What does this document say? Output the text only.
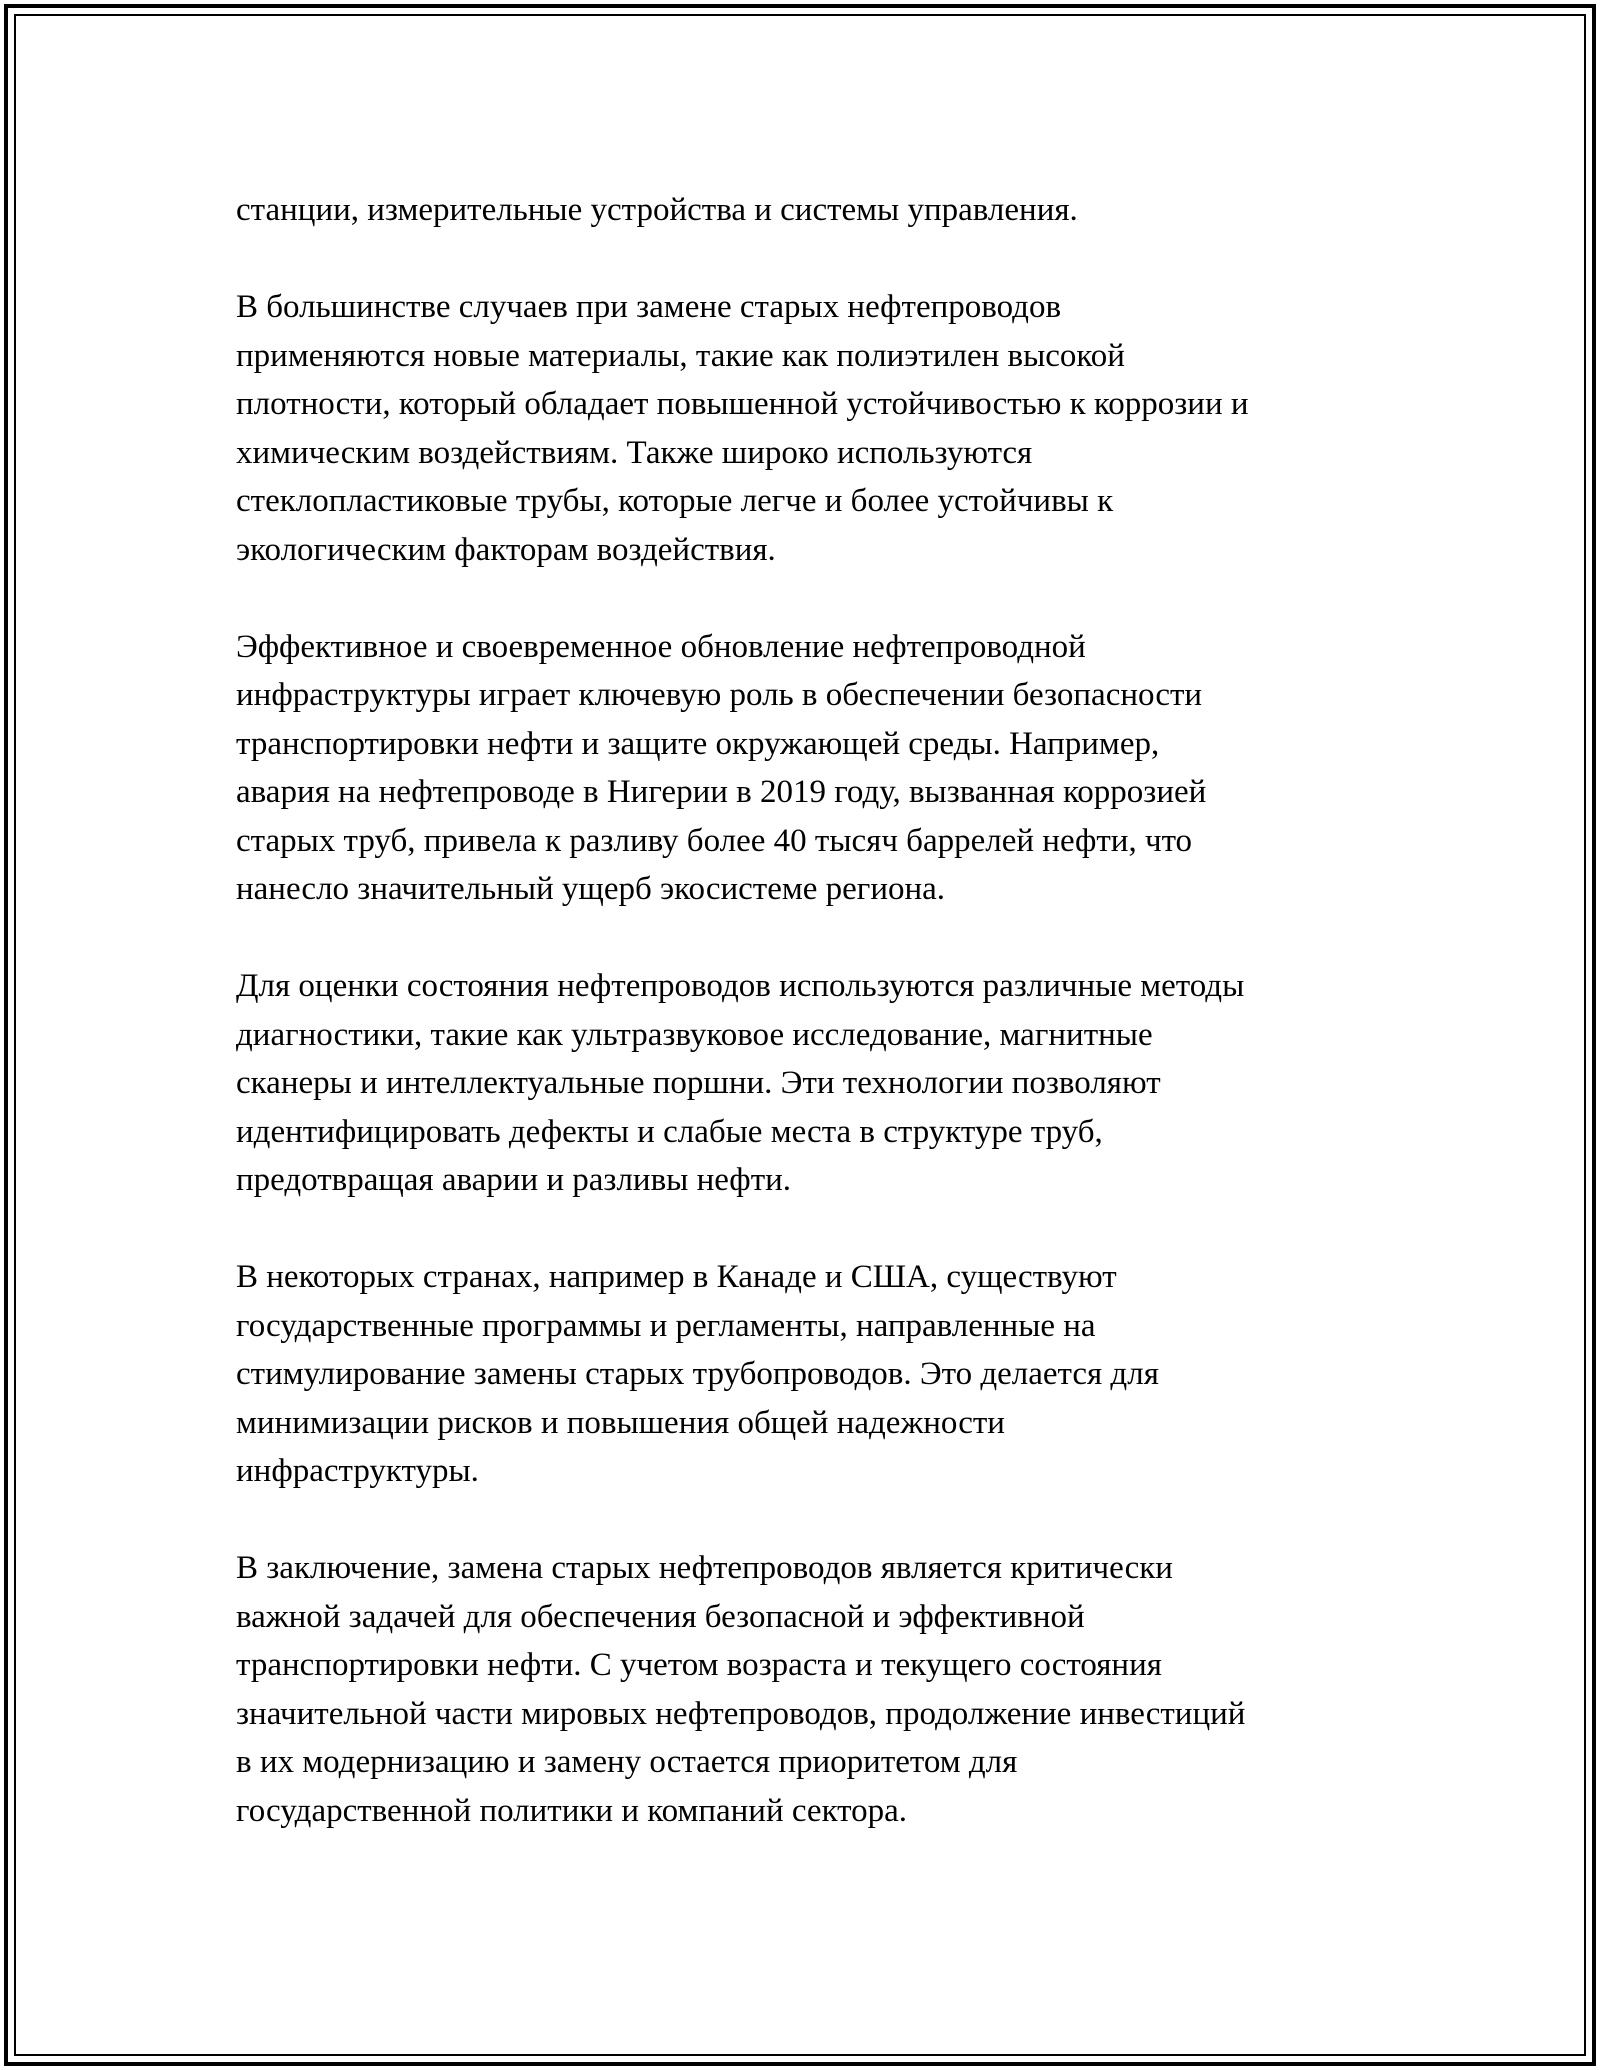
станции, измерительные устройства и системы управления.

В большинстве случаев при замене старых нефтепроводов
применяются новые материалы, такие как полиэтилен высокой
плотности, который обладает повышенной устойчивостью к коррозии и
химическим воздействиям. Также широко используются
стеклопластиковые трубы, которые легче и более устойчивы к
экологическим факторам воздействия.

Эффективное и своевременное обновление нефтепроводной
инфраструктуры играет ключевую роль в обеспечении безопасности
транспортировки нефти и защите окружающей среды. Например,
авария на нефтепроводе в Нигерии в 2019 году, вызванная коррозией
старых труб, привела к разливу более 40 тысяч баррелей нефти, что
нанесло значительный ущерб экосистеме региона.

Для оценки состояния нефтепроводов используются различные методы
диагностики, такие как ультразвуковое исследование, магнитные
сканеры и интеллектуальные поршни. Эти технологии позволяют
идентифицировать дефекты и слабые места в структуре труб,
предотвращая аварии и разливы нефти.

В некоторых странах, например в Канаде и США, существуют
государственные программы и регламенты, направленные на
стимулирование замены старых трубопроводов. Это делается для
минимизации рисков и повышения общей надежности
инфраструктуры.

В заключение, замена старых нефтепроводов является критически
важной задачей для обеспечения безопасной и эффективной
транспортировки нефти. С учетом возраста и текущего состояния
значительной части мировых нефтепроводов, продолжение инвестиций
в их модернизацию и замену остается приоритетом для
государственной политики и компаний сектора.
